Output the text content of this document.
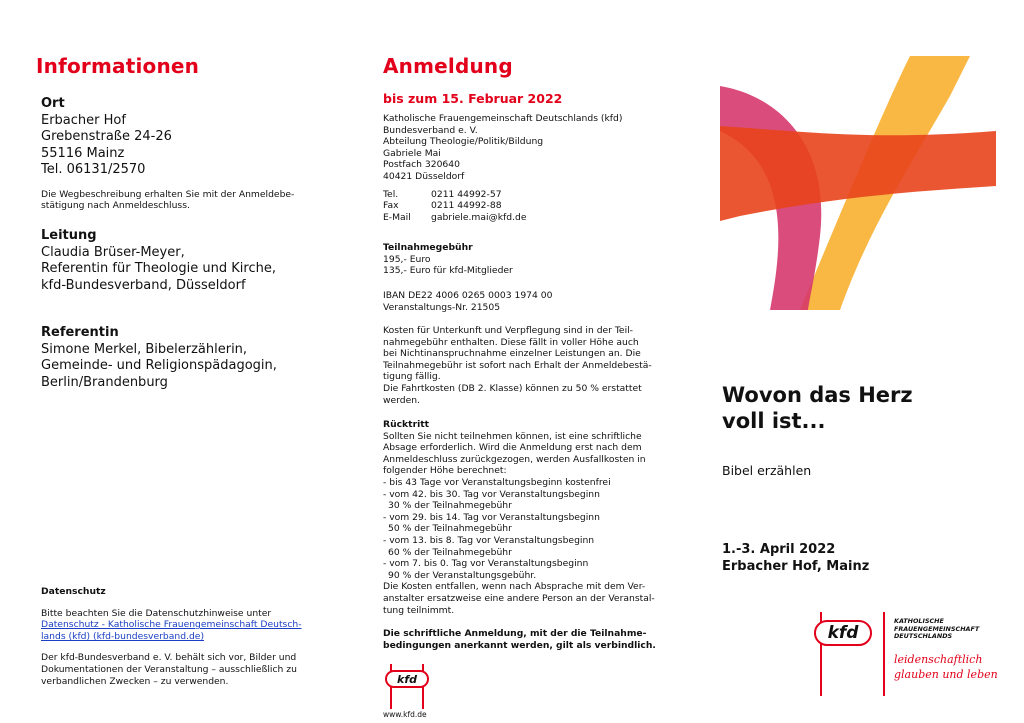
Informationen
Ort
Erbacher Hof
Grebenstraße 24-26
55116 Mainz
Tel. 06131/2570
Die Wegbeschreibung erhalten Sie mit der Anmeldebe-
stätigung nach Anmeldeschluss.
Leitung
Claudia Brüser-Meyer,
Referentin für Theologie und Kirche,
kfd-Bundesverband, Düsseldorf
Referentin
Simone Merkel, Bibelerzählerin,
Gemeinde- und Religionspädagogin,
Berlin/Brandenburg
Datenschutz
Bitte beachten Sie die Datenschutzhinweise unter
Datenschutz - Katholische Frauengemeinschaft Deutsch-
lands (kfd) (kfd-bundesverband.de)
Der kfd-Bundesverband e. V. behält sich vor, Bilder und
Dokumentationen der Veranstaltung – ausschließlich zu
verbandlichen Zwecken – zu verwenden.
Anmeldung
bis zum 15. Februar 2022
Katholische Frauengemeinschaft Deutschlands (kfd)
Bundesverband e. V.
Abteilung Theologie/Politik/Bildung
Gabriele Mai
Postfach 320640
40421 Düsseldorf
Tel.	0211 44992-57
Fax	0211 44992-88
E-Mail gabriele.mai@kfd.de
Teilnahmegebühr
195,- Euro
135,- Euro für kfd-Mitglieder
IBAN DE22 4006 0265 0003 1974 00
Veranstaltungs-Nr. 21505
Kosten für Unterkunft und Verpflegung sind in der Teil-
nahmegebühr enthalten. Diese fällt in voller Höhe auch
bei Nichtinanspruchnahme einzelner Leistungen an. Die
Teilnahmegebühr ist sofort nach Erhalt der Anmeldebestä-
tigung fällig.
Die Fahrtkosten (DB 2. Klasse) können zu 50 % erstattet
werden.
Rücktritt
Sollten Sie nicht teilnehmen können, ist eine schriftliche
Absage erforderlich. Wird die Anmeldung erst nach dem
Anmeldeschluss zurückgezogen, werden Ausfallkosten in
folgender Höhe berechnet:
- bis 43 Tage vor Veranstaltungsbeginn kostenfrei
- vom 42. bis 30. Tag vor Veranstaltungsbeginn
30 % der Teilnahmegebühr
- vom 29. bis 14. Tag vor Veranstaltungsbeginn
50 % der Teilnahmegebühr
- vom 13. bis 8. Tag vor Veranstaltungsbeginn
60 % der Teilnahmegebühr
- vom 7. bis 0. Tag vor Veranstaltungsbeginn
90 % der Veranstaltungsgebühr.
Die Kosten entfallen, wenn nach Absprache mit dem Ver-
anstalter ersatzweise eine andere Person an der Veranstal-
tung teilnimmt.
Die schriftliche Anmeldung, mit der die Teilnahme-
bedingungen anerkannt werden, gilt als verbindlich.
kfd
www.kfd.de
Wovon das Herz
voll ist...
Bibel erzählen
1.-3. April 2022
Erbacher Hof, Mainz
kfd
KATHOLISCHE
FRAUENGEMEINSCHAFT
DEUTSCHLANDS
leidenschaftlich
glauben und leben
